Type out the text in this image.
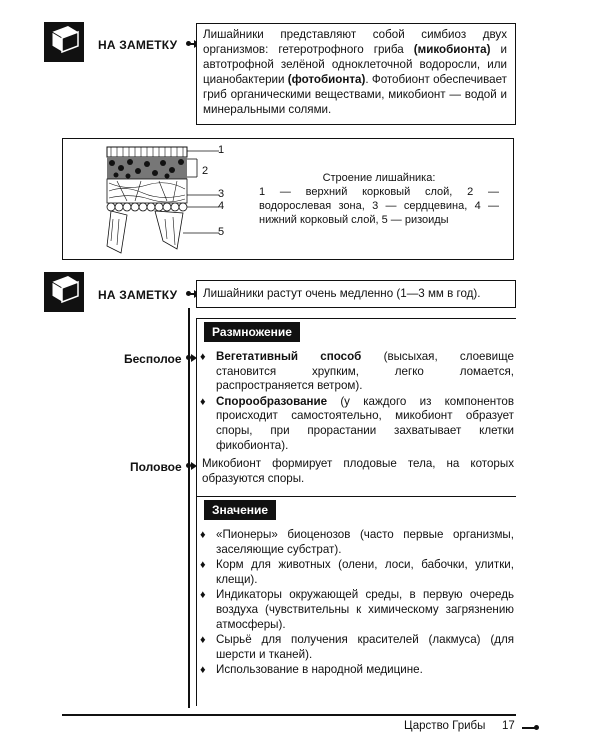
НА ЗАМЕТКУ
Лишайники представляют собой симбиоз двух организмов: гетеротрофного гриба (микобионта) и автотрофной зелёной одноклеточной водоросли, или цианобактерии (фотобионта). Фотобионт обеспечивает гриб органическими веществами, микобионт — водой и минеральными солями.
1
2
3
4
5
Строение лишайника:
1 — верхний корковый слой, 2 — водорослевая зона, 3 — сердцевина, 4 — нижний корковый слой, 5 — ризоиды
НА ЗАМЕТКУ	Лишайники растут очень медленно (1—3 мм в год).
Размножение
Бесполое
♦	Вегетативный способ (высыхая, слоевище становится хрупким, легко ломается, распространяется ветром).
♦ Спорообразование (у каждого из компонентов происходит самостоятельно, микобионт образует споры, при прорастании захватывает клетки фикобионта).
Половое Микобионт формирует плодовые тела, на которых образуются споры.
Значение
♦ «Пионеры» биоценозов (часто первые организмы, заселяющие субстрат).
♦ Корм для животных (олени, лоси, бабочки, улитки, клещи).
♦ Индикаторы окружающей среды, в первую очередь воздуха (чувствительны к химическому загрязнению атмосферы).
♦ Сырьё для получения красителей (лакмуса) (для шерсти и тканей).
♦ Использование в народной медицине.
Царство Грибы 17
